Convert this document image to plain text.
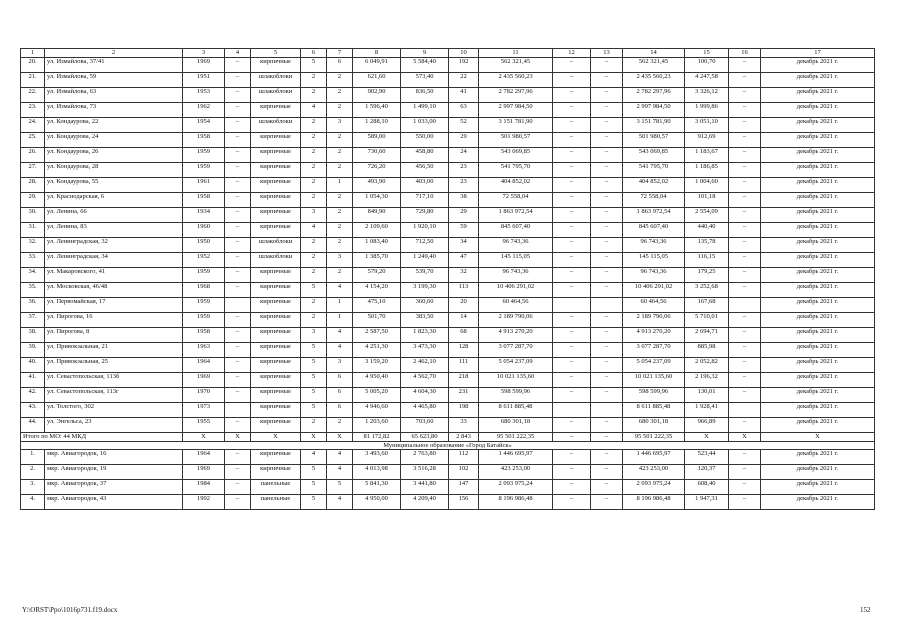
1	2	3	4	5	6	7	8	9	10	11	12	13	14	15	16	17
20.	ул. Измайлова, 37/41	1969	–	кирпичные	5	6	6 049,91	5 584,40	192	562 321,45	–	–	562 321,45	100,70	–	декабрь 2021 г.
21.	ул. Измайлова, 59	1951	–	шлакоблоки	2	2	621,60	573,40	22	2 435 560,23	–	–	2 435 560,23	4 247,58	–	декабрь 2021 г.
22.	ул. Измайлова, 63	1953	–	шлакоблоки	2	2	902,90	836,50	41	2 782 297,96	–	–	2 782 297,96	3 326,12	–	декабрь 2021 г.
23.	ул. Измайлова, 73	1962	–	кирпичные	4	2	1 596,40	1 499,10	63	2 997 984,50	–	–	2 997 984,50	1 999,86	–	декабрь 2021 г.
24.	ул. Кондаурова, 22	1954	–	шлакоблоки	2	3	1 288,10	1 033,00	52	3 151 781,90	–	–	3 151 781,90	3 051,10	–	декабрь 2021 г.
25.	ул. Кондаурова, 24	1958	–	кирпичные	2	2	589,00	550,00	29	501 980,57	–	–	501 980,57	912,69	–	декабрь 2021 г.
26.	ул. Кондаурова, 26	1959	–	кирпичные	2	2	730,60	458,80	24	543 069,85	–	–	543 069,85	1 183,67	–	декабрь 2021 г.
27.	ул. Кондаурова, 28	1959	–	кирпичные	2	2	726,20	456,50	23	541 795,70	–	–	541 795,70	1 186,85	–	декабрь 2021 г.
28.	ул. Кондаурова, 55	1961	–	кирпичные	2	1	493,90	403,00	23	404 852,02	–	–	404 852,02	1 004,60	–	декабрь 2021 г.
29.	ул. Краснодарская, 6	1958	–	кирпичные	2	2	1 054,30	717,10	38	72 558,04	–	–	72 558,04	101,18	–	декабрь 2021 г.
30.	ул. Ленина, 66	1934	–	кирпичные	3	2	849,90	729,80	29	1 863 972,54	–	–	1 863 972,54	2 554,09	–	декабрь 2021 г.
31.	ул. Ленина, 83	1960	–	кирпичные	4	2	2 109,60	1 920,10	59	845 607,40	–	–	845 607,40	440,40	–	декабрь 2021 г.
32.	ул. Ленинградская, 32	1950	–	шлакоблоки	2	2	1 083,40	712,50	34	96 743,36	–	–	96 743,36	135,78	–	декабрь 2021 г.
33.	ул. Ленинградская, 34	1952	–	шлакоблоки	2	3	1 385,70	1 249,40	47	145 115,05	–	–	145 115,05	116,15	–	декабрь 2021 г.
34.	ул. Макаровского, 41	1959	–	кирпичные	2	2	579,20	539,70	32	96 743,36	–	–	96 743,36	179,25	–	декабрь 2021 г.
35.	ул. Московская, 46/48	1968	–	кирпичные	5	4	4 154,20	3 199,30	113	10 406 291,02	–	–	10 406 291,02	3 252,68	–	декабрь 2021 г.
36.	ул. Первомайская, 17	1959		кирпичные	2	1	475,10	360,60	20	60 464,56			60 464,56	167,68		декабрь 2021 г.
37.	ул. Пирогова, 16	1959	–	кирпичные	2	1	501,70	383,50	14	2 189 790,06	–	–	2 189 790,06	5 710,01	–	декабрь 2021 г.
38.	ул. Пирогова, 8	1958	–	кирпичные	3	4	2 587,50	1 823,30	68	4 913 270,20	–	–	4 913 270,20	2 694,71	–	декабрь 2021 г.
39.	ул. Привокзальная, 21	1963	–	кирпичные	5	4	4 251,30	3 473,30	128	3 077 287,70	–	–	3 077 287,70	885,98	–	декабрь 2021 г.
40.	ул. Привокзальная, 25	1964	–	кирпичные	5	3	3 159,20	2 462,10	111	5 054 237,09	–	–	5 054 237,09	2 052,82	–	декабрь 2021 г.
41.	ул. Севастопольская, 113б	1969	–	кирпичные	5	6	4 950,40	4 562,70	218	10 021 135,60	–	–	10 021 135,60	2 196,32	–	декабрь 2021 г.
42.	ул. Севастопольская, 113г	1970	–	кирпичные	5	6	5 005,20	4 604,30	231	598 599,96	–	–	598 599,96	130,01	–	декабрь 2021 г.
43.	ул. Толстого, 302	1973		кирпичные	5	6	4 946,60	4 465,80	198	8 611 885,48			8 611 885,48	1 928,41		декабрь 2021 г.
44.	ул. Энгельса, 23	1955	–	кирпичные	2	2	1 203,60	703,60	33	680 301,18	–	–	680 301,18	966,89	–	декабрь 2021 г.
Итого по МО: 44 МКД		X	X	X	X	X	81 172,82	65 623,80	2 843	95 501 222,35	–	–	95 501 222,35	X	X	X
Муниципальное образование «Город Батайск»																
1.	мкр. Авиагородок, 16	1964	–	кирпичные	4	4	3 493,60	2 763,80	112	1 446 695,97	–	–	1 446 695,97	523,44	–	декабрь 2021 г.
2.	мкр. Авиагородок, 19	1969	–	кирпичные	5	4	4 013,98	3 516,28	102	423 253,00	–	–	423 253,00	120,37	–	декабрь 2021 г.
3.	мкр. Авиагородок, 37	1984	–	панельные	5	5	5 841,30	3 441,80	147	2 093 975,24	–	–	2 093 975,24	608,40	–	декабрь 2021 г.
4.	мкр. Авиагородок, 43	1992	–	панельные	5	4	4 950,00	4 209,40	156	8 196 986,48	–	–	8 196 986,48	1 947,31	–	декабрь 2021 г.
Y:\ORST\Ppo\1016p731.f19.docx	152
